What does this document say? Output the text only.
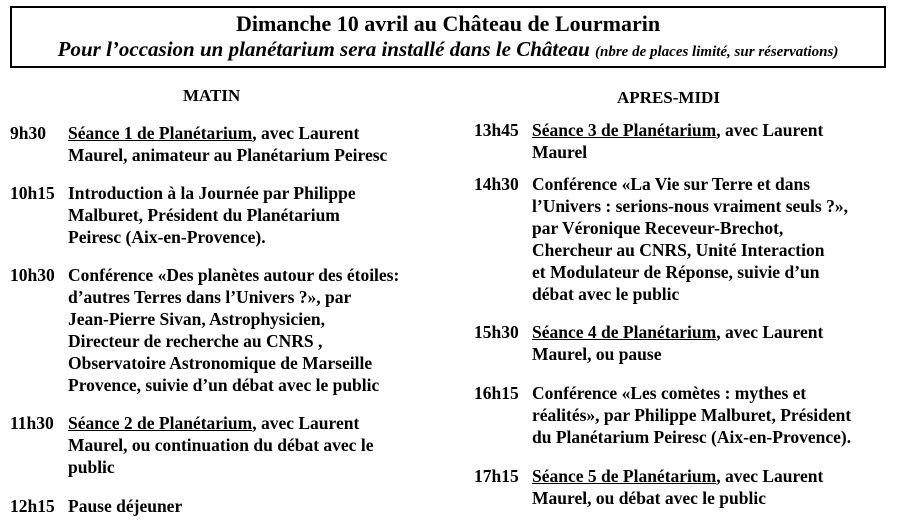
Dimanche 10 avril au Château de Lourmarin
Pour l’occasion un planétarium sera installé dans le Château (nbre de places limité, sur réservations)
MATIN	APRES-MIDI
9h30 Séance 1 de Planétarium, avec Laurent
Maurel, animateur au Planétarium Peiresc
10h15 Introduction à la Journée par Philippe
Malburet, Président du Planétarium
Peiresc (Aix-en-Provence).
10h30 Conférence «Des planètes autour des étoiles:
d’autres Terres dans l’Univers ?», par
Jean-Pierre Sivan, Astrophysicien,
Directeur de recherche au CNRS ,
Observatoire Astronomique de Marseille
Provence, suivie d’un débat avec le public
11h30 Séance 2 de Planétarium, avec Laurent
Maurel, ou continuation du débat avec le
public
12h15 Pause déjeuner
13h45 Séance 3 de Planétarium, avec Laurent
Maurel
14h30 Conférence «La Vie sur Terre et dans
l’Univers : serions-nous vraiment seuls ?»,
par Véronique Receveur-Brechot,
Chercheur au CNRS, Unité Interaction
et Modulateur de Réponse, suivie d’un
débat avec le public
15h30 Séance 4 de Planétarium, avec Laurent
Maurel, ou pause
16h15 Conférence «Les comètes : mythes et
réalités», par Philippe Malburet, Président
du Planétarium Peiresc (Aix-en-Provence).
17h15 Séance 5 de Planétarium, avec Laurent
Maurel, ou débat avec le public
